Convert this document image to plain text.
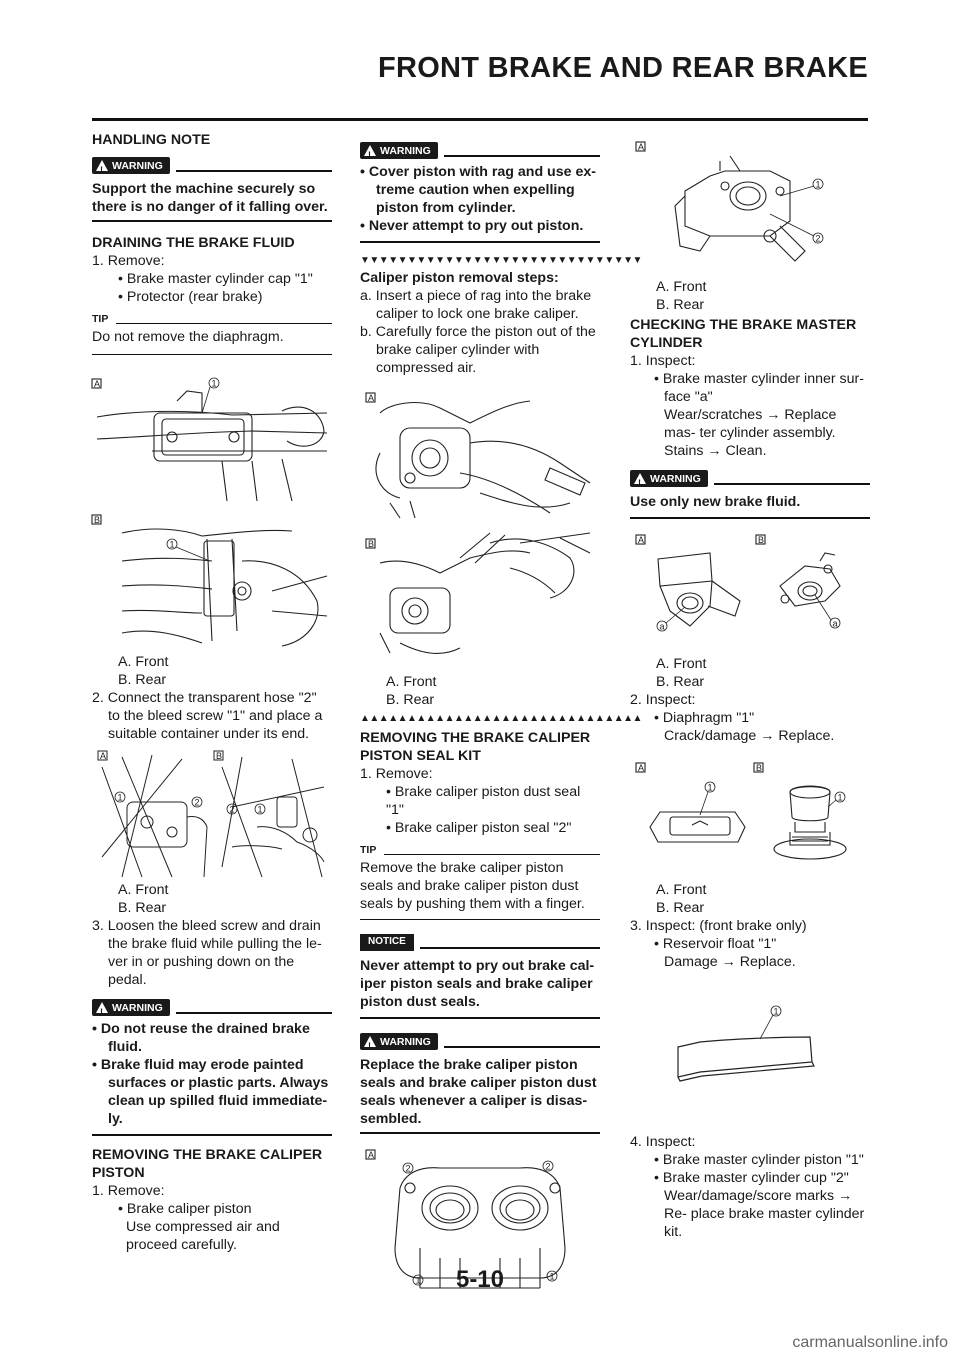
FRONT BRAKE AND REAR BRAKE

HANDLING NOTE

!
WARNING

Support the machine securely so there is no danger of it falling over.

DRAINING THE BRAKE FLUID

1. Remove:

• Brake master cylinder cap "1"

• Protector (rear brake)

TIP

Do not remove the diaphragm.

A
B
1
1

A. Front

B. Rear

2. Connect the transparent hose "2" to the bleed screw "1" and place a suitable container under its end.

A	B
1	2
2	1

A. Front

B. Rear

3. Loosen the bleed screw and drain the brake fluid while pulling the le- ver in or pushing down on the pedal.

!
WARNING

• Do not reuse the drained brake fluid.

• Brake fluid may erode painted surfaces or plastic parts. Always clean up spilled fluid immediate- ly.

REMOVING THE BRAKE CALIPER PISTON

1. Remove:

• Brake caliper piston

Use compressed air and proceed carefully.

!
WARNING

• Cover piston with rag and use ex- treme caution when expelling piston from cylinder.

• Never attempt to pry out piston.

▼▼▼▼▼▼▼▼▼▼▼▼▼▼▼▼▼▼▼▼▼▼▼▼▼▼▼▼▼▼

Caliper piston removal steps:

a. Insert a piece of rag into the brake caliper to lock one brake caliper.

b. Carefully force the piston out of the brake caliper cylinder with compressed air.

A
B

A. Front

B. Rear

▲▲▲▲▲▲▲▲▲▲▲▲▲▲▲▲▲▲▲▲▲▲▲▲▲▲▲▲▲▲

REMOVING THE BRAKE CALIPER PISTON SEAL KIT

1. Remove:

• Brake caliper piston dust seal "1"

• Brake caliper piston seal "2"

TIP

Remove the brake caliper piston seals and brake caliper piston dust seals by pushing them with a finger.

NOTICE

Never attempt to pry out brake cal- iper piston seals and brake caliper piston dust seals.

!
WARNING

Replace the brake caliper piston seals and brake caliper piston dust seals whenever a caliper is disas- sembled.

A
2	2
1	1
A
1
2

A. Front

B. Rear

CHECKING THE BRAKE MASTER CYLINDER

1. Inspect:

• Brake master cylinder inner sur- face "a"

Wear/scratches → Replace mas- ter cylinder assembly.

Stains → Clean.

!
WARNING

Use only new brake fluid.

A	B
a	a

A. Front

B. Rear

2. Inspect:

• Diaphragm "1"

Crack/damage → Replace.

A	B
1
1

A. Front

B. Rear

3. Inspect: (front brake only)

• Reservoir float "1"

Damage → Replace.

1

4. Inspect:

• Brake master cylinder piston "1"

• Brake master cylinder cup "2"

Wear/damage/score marks → Re- place brake master cylinder kit.

5-10
carmanualsonline.info
